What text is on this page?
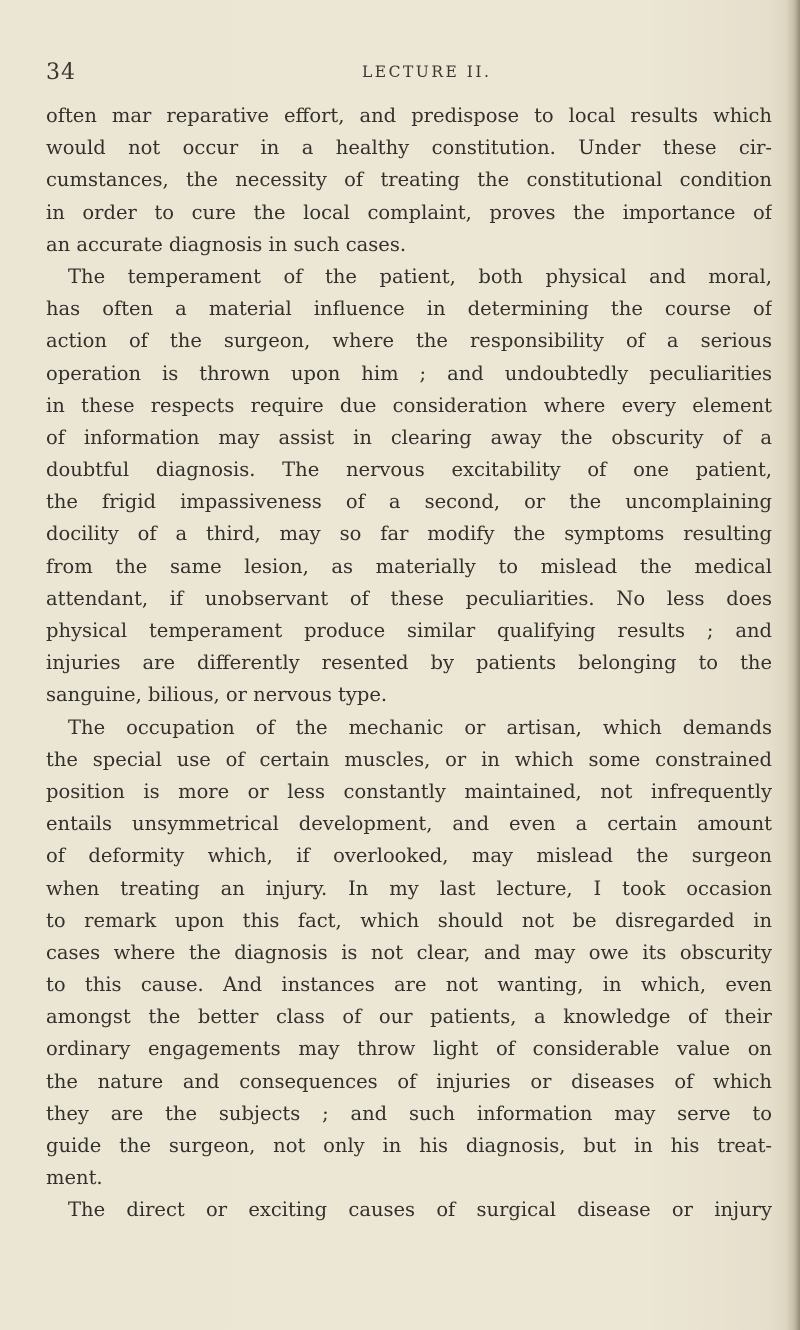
34	LECTURE II.
often mar reparative effort, and predispose to local results which
would not occur in a healthy constitution. Under these cir-
cumstances, the necessity of treating the constitutional condition
in order to cure the local complaint, proves the importance of
an accurate diagnosis in such cases.
The temperament of the patient, both physical and moral,
has often a material influence in determining the course of
action of the surgeon, where the responsibility of a serious
operation is thrown upon him ; and undoubtedly peculiarities
in these respects require due consideration where every element
of information may assist in clearing away the obscurity of a
doubtful diagnosis. The nervous excitability of one patient,
the frigid impassiveness of a second, or the uncomplaining
docility of a third, may so far modify the symptoms resulting
from the same lesion, as materially to mislead the medical
attendant, if unobservant of these peculiarities. No less does
physical temperament produce similar qualifying results ; and
injuries are differently resented by patients belonging to the
sanguine, bilious, or nervous type.
The occupation of the mechanic or artisan, which demands
the special use of certain muscles, or in which some constrained
position is more or less constantly maintained, not infrequently
entails unsymmetrical development, and even a certain amount
of deformity which, if overlooked, may mislead the surgeon
when treating an injury. In my last lecture, I took occasion
to remark upon this fact, which should not be disregarded in
cases where the diagnosis is not clear, and may owe its obscurity
to this cause. And instances are not wanting, in which, even
amongst the better class of our patients, a knowledge of their
ordinary engagements may throw light of considerable value on
the nature and consequences of injuries or diseases of which
they are the subjects ; and such information may serve to
guide the surgeon, not only in his diagnosis, but in his treat-
ment.
The direct or exciting causes of surgical disease or injury
